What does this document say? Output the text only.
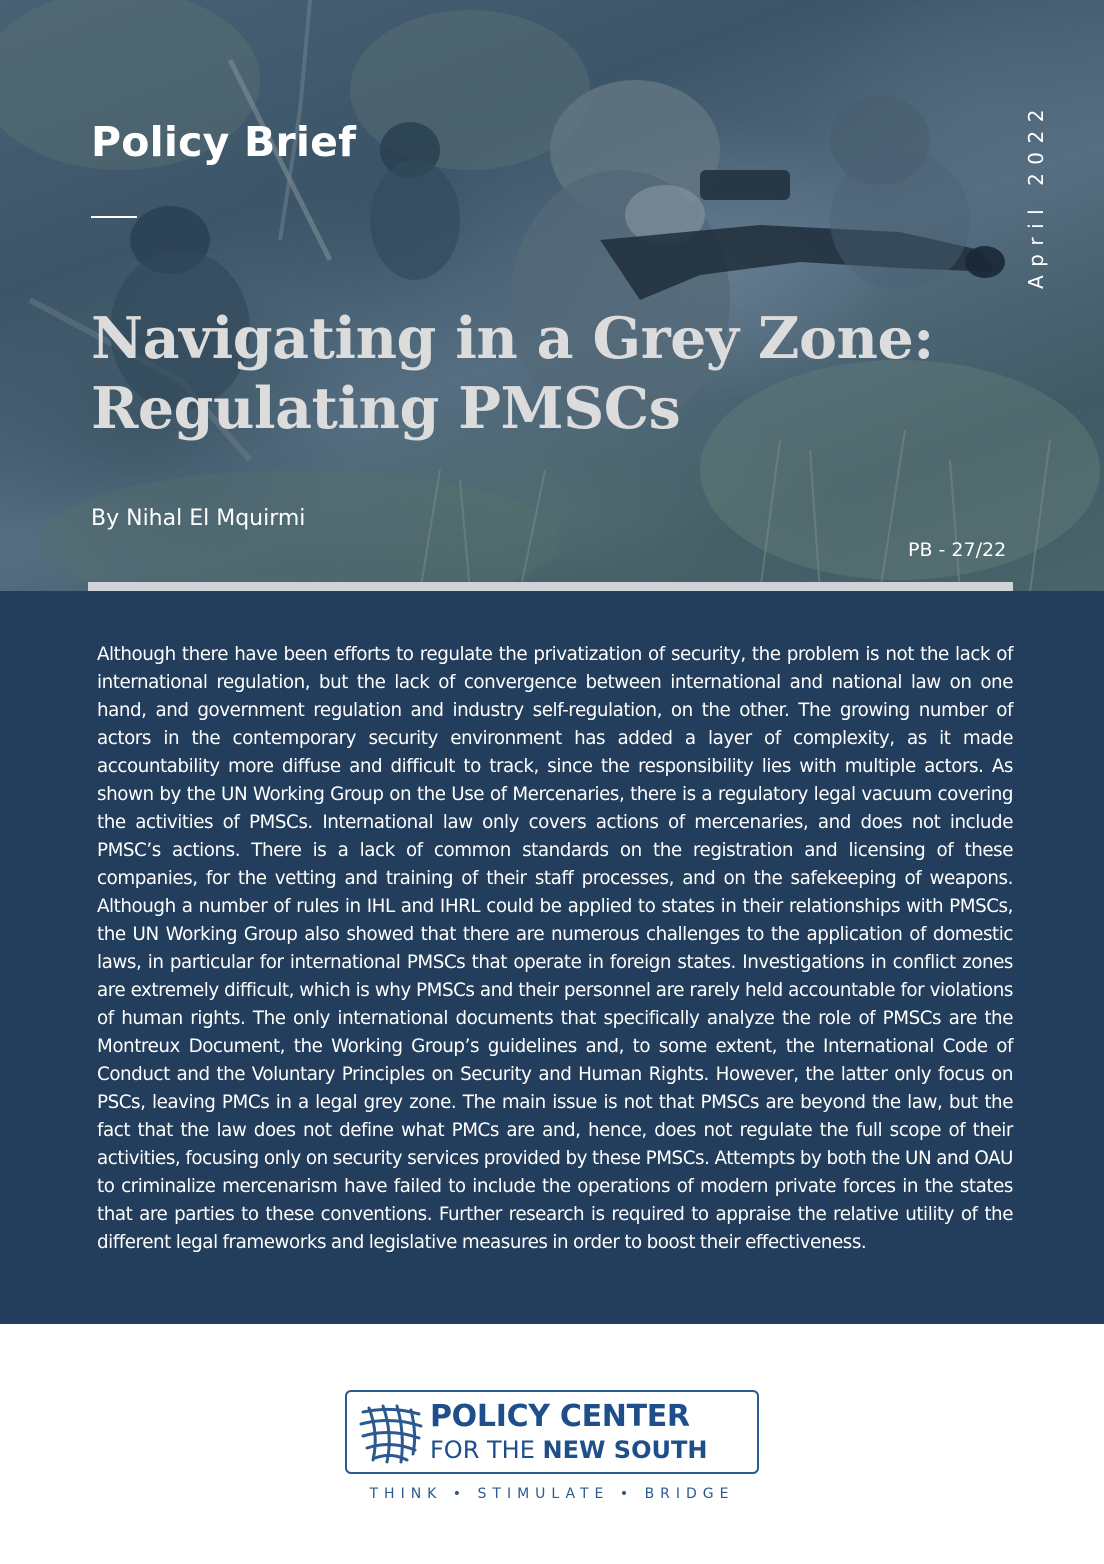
Policy Brief	April 2022
Navigating in a Grey Zone:
Regulating PMSCs
By Nihal El Mquirmi
PB - 27/22

Although there have been efforts to regulate the privatization of security, the problem is not the lack of international regulation, but the lack of convergence between international and national law on one hand, and government regulation and industry self-regulation, on the other. The growing number of actors in the contemporary security environment has added a layer of complexity, as it made accountability more diffuse and difficult to track, since the responsibility lies with multiple actors. As shown by the UN Working Group on the Use of Mercenaries, there is a regulatory legal vacuum covering the activities of PMSCs. International law only covers actions of mercenaries, and does not include PMSC’s actions. There is a lack of common standards on the registration and licensing of these companies, for the vetting and training of their staff processes, and on the safekeeping of weapons. Although a number of rules in IHL and IHRL could be applied to states in their relationships with PMSCs, the UN Working Group also showed that there are numerous challenges to the application of domestic laws, in particular for international PMSCs that operate in foreign states. Investigations in conflict zones are extremely difficult, which is why PMSCs and their personnel are rarely held accountable for violations of human rights. The only international documents that specifically analyze the role of PMSCs are the Montreux Document, the Working Group’s guidelines and, to some extent, the International Code of Conduct and the Voluntary Principles on Security and Human Rights. However, the latter only focus on PSCs, leaving PMCs in a legal grey zone. The main issue is not that PMSCs are beyond the law, but the fact that the law does not define what PMCs are and, hence, does not regulate the full scope of their activities, focusing only on security services provided by these PMSCs. Attempts by both the UN and OAU to criminalize mercenarism have failed to include the operations of modern private forces in the states that are parties to these conventions. Further research is required to appraise the relative utility of the different legal frameworks and legislative measures in order to boost their effectiveness.

POLICY CENTER
FOR THE NEW SOUTH
THINK • STIMULATE • BRIDGE
